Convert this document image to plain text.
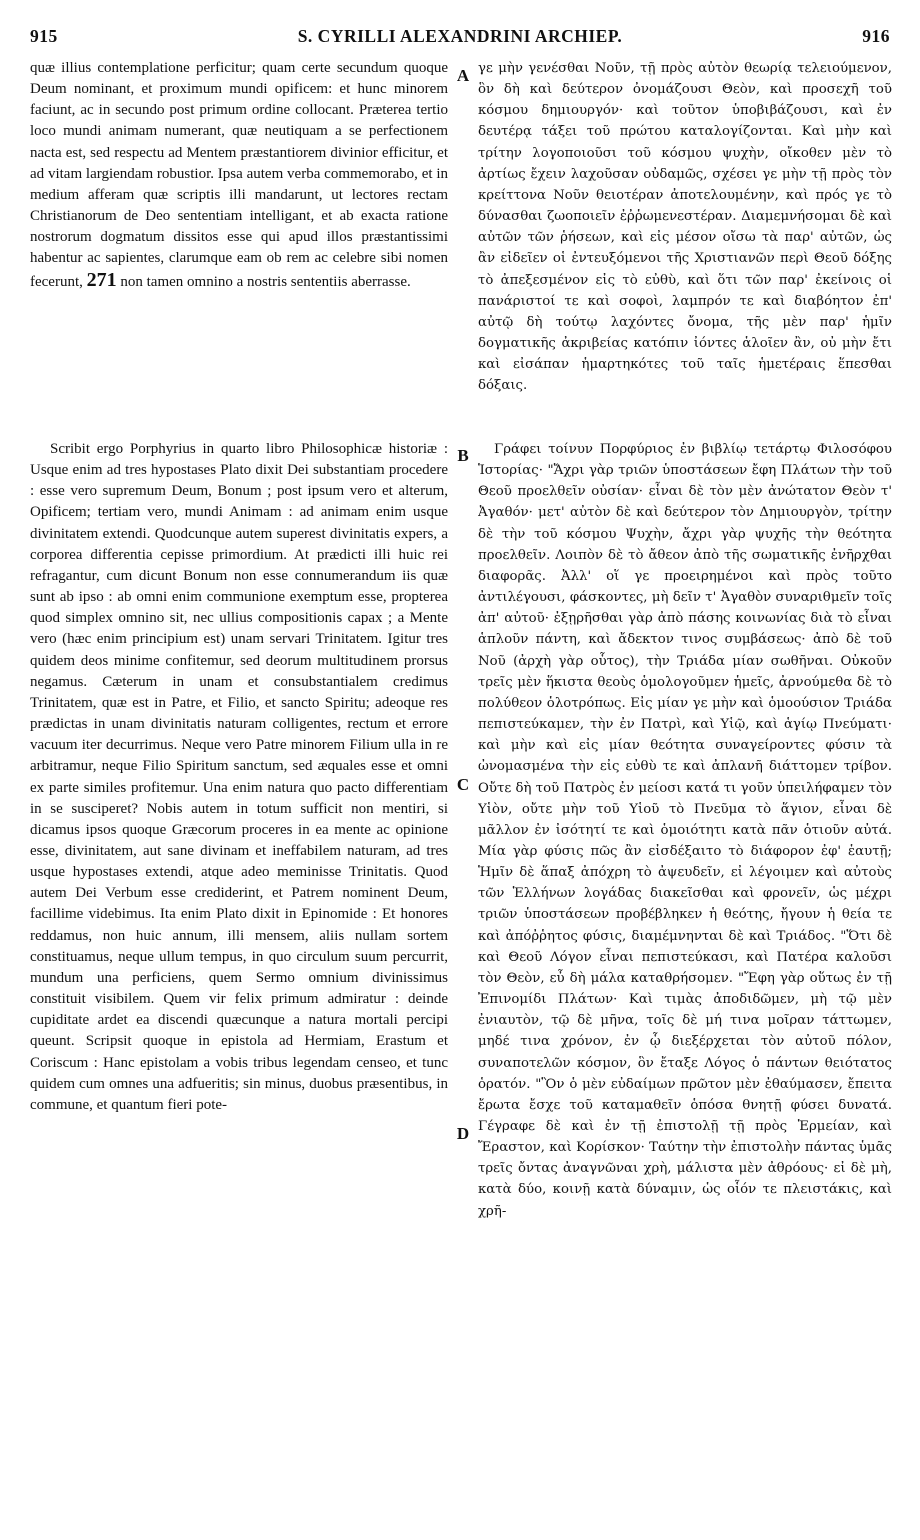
915	S. CYRILLI ALEXANDRINI ARCHIEP.	916

quæ illius contemplatione perficitur; quam certe secundum quoque Deum nominant, et proximum mundi opificem: et hunc minorem faciunt, ac in secundo post primum ordine collocant. Præterea tertio loco mundi animam numerant, quæ neutiquam a se perfectionem nacta est, sed respectu ad Mentem præstantiorem divinior efficitur, et ad vitam largiendam robustior. Ipsa autem verba commemorabo, et in medium afferam quæ scriptis illi mandarunt, ut lectores rectam Christianorum de Deo sententiam intelligant, et ab exacta ratione nostrorum dogmatum dissitos esse qui apud illos præstantissimi habentur ac sapientes, clarumque eam ob rem ac celebre sibi nomen fecerunt, 271 non tamen omnino a nostris sententiis aberrasse.

Scribit ergo Porphyrius in quarto libro Philosophicæ historiæ : Usque enim ad tres hypostases Plato dixit Dei substantiam procedere : esse vero supremum Deum, Bonum ; post ipsum vero et alterum, Opificem; tertiam vero, mundi Animam : ad animam enim usque divinitatem extendi. Quodcunque autem superest divinitatis expers, a corporea differentia cepisse primordium. At prædicti illi huic rei refragantur, cum dicunt Bonum non esse connumerandum iis quæ sunt ab ipso : ab omni enim communione exemptum esse, propterea quod simplex omnino sit, nec ullius compositionis capax ; a Mente vero (hæc enim principium est) unam servari Trinitatem. Igitur tres quidem deos minime confitemur, sed deorum multitudinem prorsus negamus. Cæterum in unam et consubstantialem credimus Trinitatem, quæ est in Patre, et Filio, et sancto Spiritu; adeoque res prædictas in unam divinitatis naturam colligentes, rectum et errore vacuum iter decurrimus. Neque vero Patre minorem Filium ulla in re arbitramur, neque Filio Spiritum sanctum, sed æquales esse et omni ex parte similes profitemur. Una enim natura quo pacto differentiam in se susciperet? Nobis autem in totum sufficit non mentiri, si dicamus ipsos quoque Græcorum proceres in ea mente ac opinione esse, divinitatem, aut sane divinam et ineffabilem naturam, ad tres usque hypostases extendi, atque adeo meminisse Trinitatis. Quod autem Dei Verbum esse crediderint, et Patrem nominent Deum, facillime videbimus. Ita enim Plato dixit in Epinomide : Et honores reddamus, non huic annum, illi mensem, aliis nullam sortem constituamus, neque ullum tempus, in quo circulum suum percurrit, mundum una perficiens, quem Sermo omnium divinissimus constituit visibilem. Quem vir felix primum admiratur : deinde cupiditate ardet ea discendi quæcunque a natura mortali percipi queunt. Scripsit quoque in epistola ad Hermiam, Erastum et Coriscum : Hanc epistolam a vobis tribus legendam censeo, et tunc quidem cum omnes una adfueritis; sin minus, duobus præsentibus, in commune, et quantum fieri pote-

A
B
C
D

γε μὴν γενέσθαι Νοῦν, τῇ πρὸς αὐτὸν θεωρίᾳ τελειούμενον, ὃν δὴ καὶ δεύτερον ὀνομάζουσι Θεὸν, καὶ προσεχῆ τοῦ κόσμου δημιουργόν· καὶ τοῦτον ὑποβιβάζουσι, καὶ ἐν δευτέρᾳ τάξει τοῦ πρώτου καταλογίζονται. Καὶ μὴν καὶ τρίτην λογοποιοῦσι τοῦ κόσμου ψυχὴν, οἴκοθεν μὲν τὸ ἀρτίως ἔχειν λαχοῦσαν οὐδαμῶς, σχέσει γε μὴν τῇ πρὸς τὸν κρείττονα Νοῦν θειοτέραν ἀποτελουμένην, καὶ πρός γε τὸ δύνασθαι ζωοποιεῖν ἐῤῥωμενεστέραν. Διαμεμνήσομαι δὲ καὶ αὐτῶν τῶν ῥήσεων, καὶ εἰς μέσον οἴσω τὰ παρ' αὐτῶν, ὡς ἂν εἰδεῖεν οἱ ἐντευξόμενοι τῆς Χριστιανῶν περὶ Θεοῦ δόξης τὸ ἀπεξεσμένον εἰς τὸ εὐθὺ, καὶ ὅτι τῶν παρ' ἐκείνοις οἱ πανάριστοί τε καὶ σοφοὶ, λαμπρόν τε καὶ διαβόητον ἐπ' αὐτῷ δὴ τούτῳ λαχόντες ὄνομα, τῆς μὲν παρ' ἡμῖν δογματικῆς ἀκριβείας κατόπιν ἰόντες ἁλοῖεν ἂν, οὐ μὴν ἔτι καὶ εἰσάπαν ἡμαρτηκότες τοῦ ταῖς ἡμετέραις ἕπεσθαι δόξαις.

Γράφει τοίνυν Πορφύριος ἐν βιβλίῳ τετάρτῳ Φιλοσόφου Ἱστορίας· "Ἄχρι γὰρ τριῶν ὑποστάσεων ἔφη Πλάτων τὴν τοῦ Θεοῦ προελθεῖν οὐσίαν· εἶναι δὲ τὸν μὲν ἀνώτατον Θεὸν τ' Ἀγαθόν· μετ' αὐτὸν δὲ καὶ δεύτερον τὸν Δημιουργὸν, τρίτην δὲ τὴν τοῦ κόσμου Ψυχὴν, ἄχρι γὰρ ψυχῆς τὴν θεότητα προελθεῖν. Λοιπὸν δὲ τὸ ἄθεον ἀπὸ τῆς σωματικῆς ἐνῆρχθαι διαφορᾶς. Ἀλλ' οἵ γε προειρημένοι καὶ πρὸς τοῦτο ἀντιλέγουσι, φάσκοντες, μὴ δεῖν τ' Ἀγαθὸν συναριθμεῖν τοῖς ἀπ' αὐτοῦ· ἐξῃρῆσθαι γὰρ ἀπὸ πάσης κοινωνίας διὰ τὸ εἶναι ἁπλοῦν πάντη, καὶ ἄδεκτον τινος συμβάσεως· ἀπὸ δὲ τοῦ Νοῦ (ἀρχὴ γὰρ οὗτος), τὴν Τριάδα μίαν σωθῆναι. Οὐκοῦν τρεῖς μὲν ἥκιστα θεοὺς ὁμολογοῦμεν ἡμεῖς, ἀρνούμεθα δὲ τὸ πολύθεον ὁλοτρόπως. Εἰς μίαν γε μὴν καὶ ὁμοούσιον Τριάδα πεπιστεύκαμεν, τὴν ἐν Πατρὶ, καὶ Υἱῷ, καὶ ἁγίῳ Πνεύματι· καὶ μὴν καὶ εἰς μίαν θεότητα συναγείροντες φύσιν τὰ ὠνομασμένα τὴν εἰς εὐθὺ τε καὶ ἀπλανῆ διάττομεν τρίβον. Οὔτε δὴ τοῦ Πατρὸς ἐν μείοσι κατά τι γοῦν ὑπειλήφαμεν τὸν Υἱὸν, οὔτε μὴν τοῦ Υἱοῦ τὸ Πνεῦμα τὸ ἅγιον, εἶναι δὲ μᾶλλον ἐν ἰσότητί τε καὶ ὁμοιότητι κατὰ πᾶν ὁτιοῦν αὐτά. Μία γὰρ φύσις πῶς ἂν εἰσδέξαιτο τὸ διάφορον ἐφ' ἑαυτῇ; Ἡμῖν δὲ ἅπαξ ἀπόχρη τὸ ἀψευδεῖν, εἰ λέγοιμεν καὶ αὐτοὺς τῶν Ἑλλήνων λογάδας διακεῖσθαι καὶ φρονεῖν, ὡς μέχρι τριῶν ὑποστάσεων προβέβληκεν ἡ θεότης, ἤγουν ἡ θεία τε καὶ ἀπόῤῥητος φύσις, διαμέμνηνται δὲ καὶ Τριάδος. "Ὅτι δὲ καὶ Θεοῦ Λόγον εἶναι πεπιστεύκασι, καὶ Πατέρα καλοῦσι τὸν Θεὸν, εὖ δὴ μάλα καταθρήσομεν. "Ἔφη γὰρ οὕτως ἐν τῇ Ἐπινομίδι Πλάτων· Καὶ τιμὰς ἀποδιδῶμεν, μὴ τῷ μὲν ἐνιαυτὸν, τῷ δὲ μῆνα, τοῖς δὲ μή τινα μοῖραν τάττωμεν, μηδέ τινα χρόνον, ἐν ᾧ διεξέρχεται τὸν αὐτοῦ πόλον, συναποτελῶν κόσμον, ὃν ἔταξε Λόγος ὁ πάντων θειότατος ὁρατόν. "Ὃν ὁ μὲν εὐδαίμων πρῶτον μὲν ἐθαύμασεν, ἔπειτα ἔρωτα ἔσχε τοῦ καταμαθεῖν ὁπόσα θνητῇ φύσει δυνατά. Γέγραφε δὲ καὶ ἐν τῇ ἐπιστολῇ τῇ πρὸς Ἑρμείαν, καὶ Ἔραστον, καὶ Κορίσκον· Ταύτην τὴν ἐπιστολὴν πάντας ὑμᾶς τρεῖς ὄντας ἀναγνῶναι χρὴ, μάλιστα μὲν ἀθρόους· εἰ δὲ μὴ, κατὰ δύο, κοινῇ κατὰ δύναμιν, ὡς οἷόν τε πλειστάκις, καὶ χρῆ-
